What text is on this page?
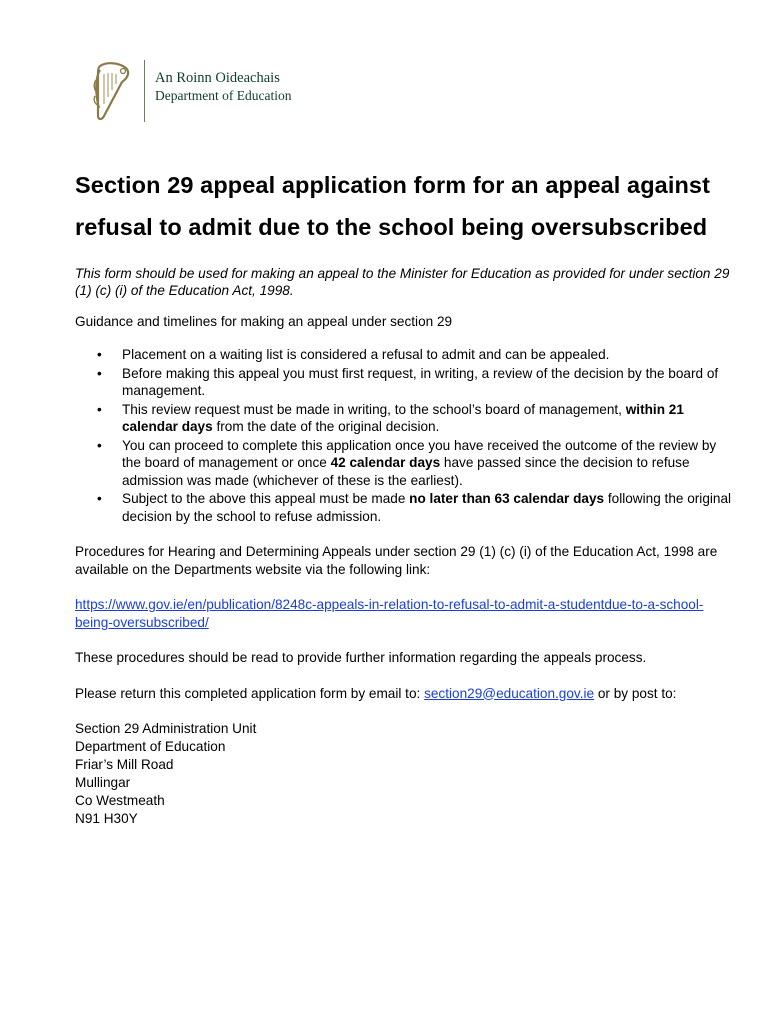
An Roinn Oideachais
Department of Education
Section 29 appeal application form for an appeal against refusal to admit due to the school being oversubscribed

This form should be used for making an appeal to the Minister for Education as provided for under section 29 (1) (c) (i) of the Education Act, 1998.

Guidance and timelines for making an appeal under section 29

• Placement on a waiting list is considered a refusal to admit and can be appealed.
• Before making this appeal you must first request, in writing, a review of the decision by the board of management.
• This review request must be made in writing, to the school’s board of management, within 21 calendar days from the date of the original decision.
• You can proceed to complete this application once you have received the outcome of the review by the board of management or once 42 calendar days have passed since the decision to refuse admission was made (whichever of these is the earliest).
• Subject to the above this appeal must be made no later than 63 calendar days following the original decision by the school to refuse admission.

Procedures for Hearing and Determining Appeals under section 29 (1) (c) (i) of the Education Act, 1998 are available on the Departments website via the following link:

https://www.gov.ie/en/publication/8248c-appeals-in-relation-to-refusal-to-admit-a-studentdue-to-a-school-being-oversubscribed/

These procedures should be read to provide further information regarding the appeals process.

Please return this completed application form by email to: section29@education.gov.ie or by post to:

Section 29 Administration Unit
Department of Education
Friar’s Mill Road
Mullingar
Co Westmeath
N91 H30Y
